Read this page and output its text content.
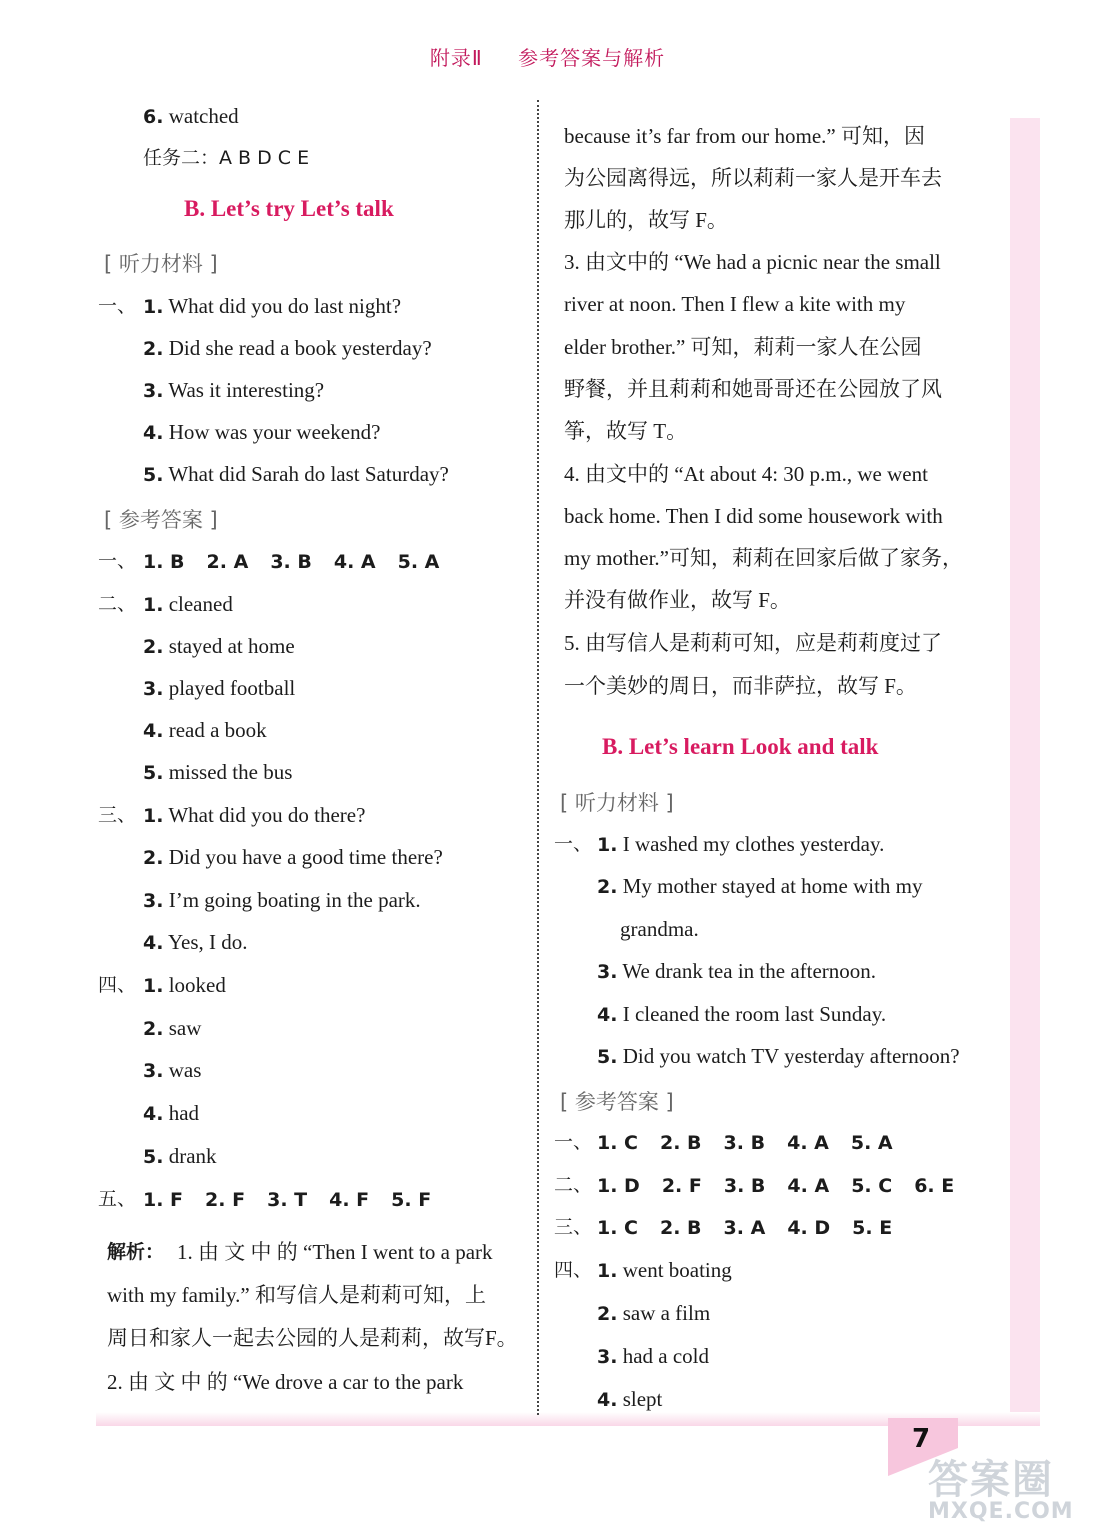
附录Ⅱ 参考答案与解析
6. watched
任务二：A B D C E
B. Let’s try Let’s talk
[ 听力材料 ]
一、 1. What did you do last night?
2. Did she read a book yesterday?
3. Was it interesting?
4. How was your weekend?
5. What did Sarah do last Saturday?
[ 参考答案 ]
一、 1. B 2. A 3. B 4. A 5. A
二、 1. cleaned
2. stayed at home
3. played football
4. read a book
5. missed the bus
三、 1. What did you do there?
2. Did you have a good time there?
3. I’m going boating in the park.
4. Yes, I do.
四、 1. looked
2. saw
3. was
4. had
5. drank
五、 1. F 2. F 3. T 4. F 5. F
解析： 1. 由 文 中 的 “Then I went to a park
with my family.” 和写信人是莉莉可知，上
周日和家人一起去公园的人是莉莉，故写F。
2. 由 文 中 的 “We drove a car to the park
because it’s far from our home.” 可知，因
为公园离得远，所以莉莉一家人是开车去
那儿的，故写 F。
3. 由文中的 “We had a picnic near the small
river at noon. Then I flew a kite with my
elder brother.” 可知，莉莉一家人在公园
野餐，并且莉莉和她哥哥还在公园放了风
筝，故写 T。
4. 由文中的 “At about 4: 30 p.m., we went
back home. Then I did some housework with
my mother.”可知，莉莉在回家后做了家务，
并没有做作业，故写 F。
5. 由写信人是莉莉可知，应是莉莉度过了
一个美妙的周日，而非萨拉，故写 F。
B. Let’s learn Look and talk
[ 听力材料 ]
一、 1. I washed my clothes yesterday.
2. My mother stayed at home with my
grandma.
3. We drank tea in the afternoon.
4. I cleaned the room last Sunday.
5. Did you watch TV yesterday afternoon?
[ 参考答案 ]
一、 1. C 2. B 3. B 4. A 5. A
二、 1. D 2. F 3. B 4. A 5. C 6. E
三、 1. C 2. B 3. A 4. D 5. E
四、 1. went boating
2. saw a film
3. had a cold
4. slept
7
答案圈
MXQE.COM
